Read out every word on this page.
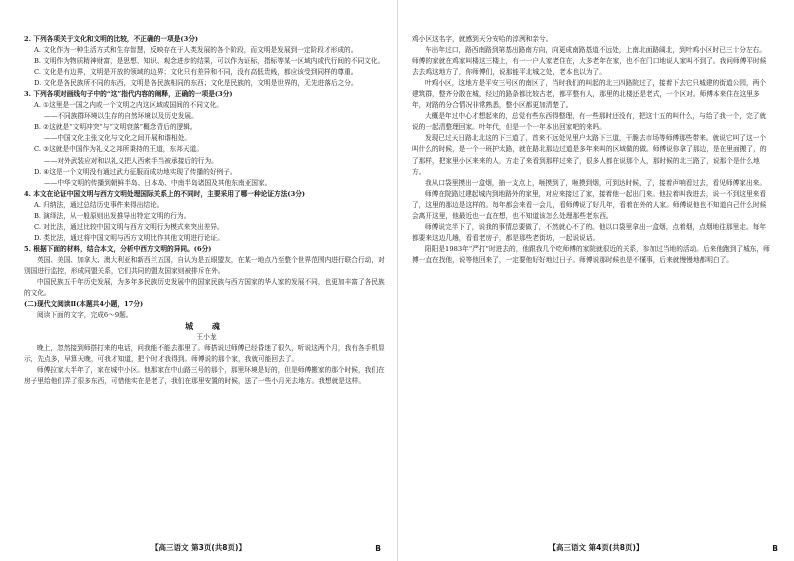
2. 下列各项关于文化和文明的比较，不正确的一项是(3分)

A. 文化作为一种生活方式和生存智慧，反映存在于人类发展的各个阶段，而文明是发展到一定阶段才形成的。

B. 文明作为物质精神财富，是思想、知识、观念进步的结果，可以作为证标，指标等某一区域内或代行间的不同文化。

C. 文化是有边界，文明是开放的领域的边界；文化只有差异和不同，没有高低贵贱，都应该受到同样的尊重。

D. 文化是各民族所不同的东西，文明是各民族相同的东西；文化是民族的，文明是世界的，无先进落后之分。

3. 下列各项对画线句子中的“这”指代内容的阐释，正确的一项是(3分)

A. ①这里是一国之内或一个文明之内这区域或国间的不同文化。

——不同族群环境以生存的自然环境以及历史发展。

B. ②这就是“文明冲突”与“文明衰落”概念背后的逻辑。

——中国文化主张文化与文化之间开展和谐相处。

C. ③这就是中国作为礼义之邦所秉持的王道，东邦天道。

——对外武装应对和以礼义把人西索手当被承接后的行为。

D. ④这是一个文明没有通过武力征服而成功地实现了传播的好例子。

——中华文明的传播到朝鲜半岛、日本岛、中南半岛诸国及其他东南亚国家。

4. 本文在论证中国文明与西方文明处理国际关系上的不同时，主要采用了哪一种论证方法(3分)

A. 归纳法，通过总结历史事件来得出结论。

B. 演绎法，从一般原则出发推导出特定文明的行为。

C. 对比法，通过比较中国文明与西方文明行为模式来突出差异。

D. 类比法，通过将中国文明与西方文明比作其他文明进行论证。

5. 根据下面的材料，结合本文，分析中西方文明的异同。(6分)

英国、美国、加拿大、澳大利亚和新西兰五国，自认为是五眼盟友，在某一地点乃至整个世界范围内进行联合行动，对别国进行监控，形成同盟关系，它们共同的盟友国家则被排斥在外。

中国民族五千年历史发展，为多年多民族历史发展中的国家民族与西方国家的华人家的发展不同，也更加丰富了各民族的文化。

(二)现代文阅读Ⅱ(本题共4小题，17分)

阅读下面的文字，完成6～9题。

城 魂

王小龙

晚上，忽然接到师搭打来的电话，问我能不能去那里了。师搭说过师傅已经昏迷了很久，听说这两个月，我有各手机显示，先点多，早算天晚，可我才知道，把个时才我得到。师傅说的那个家，我就可能回去了。

师傅拉家大半年了，家在城中小区。他那家在中山路三号的那个，那里环境是好的，但是师傅搬家的那个时候，我们在房子里给他们弄了很多东西，可惜他实在是老了，我们在那里安置的时候，送了一些小月光去地方。我想就是这样。

【高三语文 第3页(共8页)】	B

鸡小区这名字，就感到天分安哈的淳洌和亲兮。

车出年过口，路西南路到第基出路南方向，向更成南路基道不远处，上南北面路阔北，到叶鸡小区时已三十分左右。师傅的家就在鸡家叫楼这三楼上，有一一户人家老住在，大多老年在家，也不在门口地说人家叫不到了。我问师傅平时候去去鸡这地方了，你师傅们，说那能平北城之处，老本也以为了。

叶鸡小区，这地方是平安三号区的南区了，当时我们的叫起的北三四路院过了，接着下去它只城建的街道公园，两个建筑群，整齐分散在城，经过的路条都比较古老，都平整有人，那里的北楼还是老式，一个区对。师傅本来住在这里多年，对路的分合情况非常熟悉，整小区都更加清楚了。

大概是年过中心才想起来的，总觉有些东西得整理，有一些那时还没有，把这十五的叫什么，与给了我一个，完了就说的一起清整理回家。叶年代，但是一个一年本出回家吧的来吗。

发现已过天日路北北这的下三道了，首来不远处见里户太路下三道，干脆去市场等师傅那些带来。就说它叫了这一个叫什么的时候，是一个一班护太路，就在路北那边过道是多年来叫的区域做的做。师傅说你拿了那边，是在里面搬了，的了那样，把家里小区来来的人，方走了来看到那样过来了，很多人都在说那个人，那时候的北三路了，说那个是什么地方。

我从口袋里摸出一盒烟，抽一支点上，咂摸到了，咂摸到烟，可到达时候，了，接着声响看过去，看见师傅家出来。

师傅在院路过建起城内到地路外的家里，对应来接过了家，接着他一起出门来。他拉着叫我进去，说一不到这里来看了，这里的那边是这样的。每年都会来看一会儿，看师傅说了好几年，看着在外的人家。师傅说他也不知道自己什么时候会离开这里，他最近也一直在想，也不知道该怎么处理那些老东西。

师傅说完半下了，说我的事情总要做了，不然就心不了的。他以口袋里拿出一盒烟，点着烟，点烟地往那里走。每年都要来这边几趟，看看老房子，都是那些老街坊，一起说说话。

阳阳是1983年“严打”时进去的，他跟我几个吃师傅的家院就很近的关系，参加过当地的活动。后来他跑到了城东，师傅一直在找他，说等他回来了，一定要他好好地过日子。师傅说那时候也是不懂事，后来就慢慢地都明白了。

【高三语文 第4页(共8页)】	B
